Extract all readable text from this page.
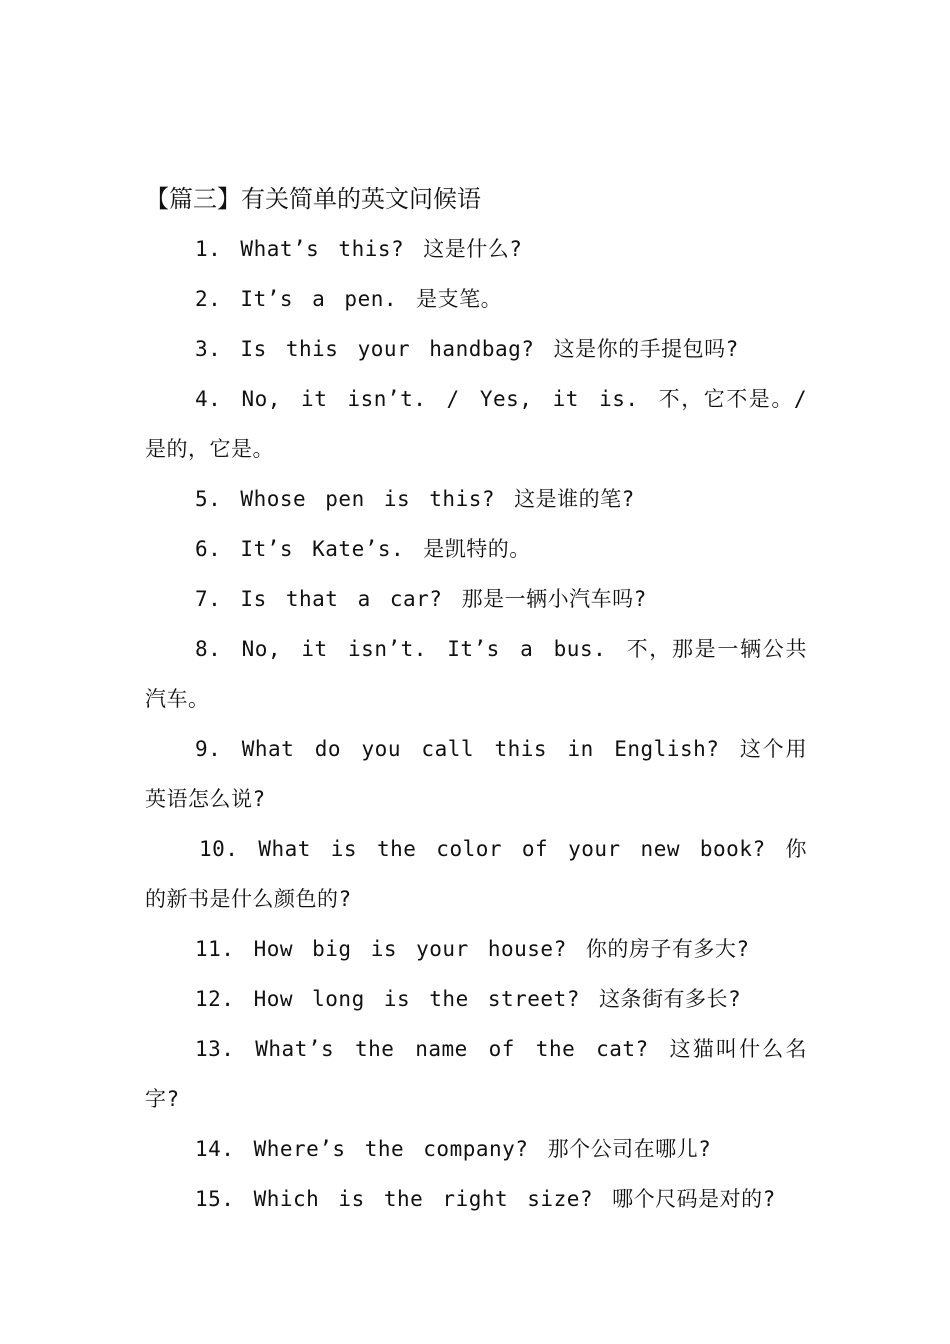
【篇三】有关简单的英文问候语

1. What’s this? 这是什么?

2. It’s a pen. 是支笔。

3. Is this your handbag? 这是你的手提包吗?

4. No, it isn’t. / Yes, it is. 不，它不是。/是的，它是。

5. Whose pen is this? 这是谁的笔?

6. It’s Kate’s. 是凯特的。

7. Is that a car? 那是一辆小汽车吗?

8. No, it isn’t. It’s a bus. 不，那是一辆公共汽车。

9. What do you call this in English? 这个用英语怎么说?

10. What is the color of your new book? 你的新书是什么颜色的?

11. How big is your house? 你的房子有多大?

12. How long is the street? 这条街有多长?

13. What’s the name of the cat? 这猫叫什么名字?

14. Where’s the company? 那个公司在哪儿?

15. Which is the right size? 哪个尺码是对的?
